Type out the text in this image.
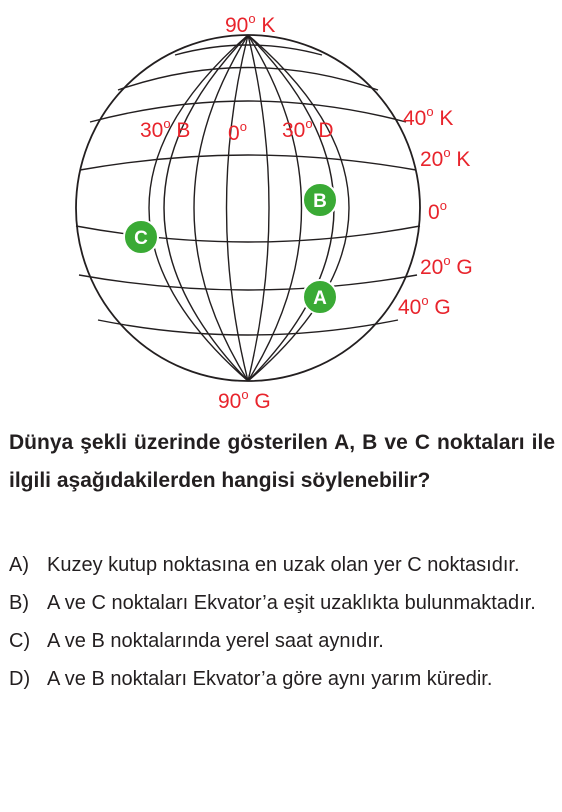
90$^o$ K
90$^o$ G
30$^o$ B 0$^o$ 30$^o$ D
40$^o$ K
20$^o$ K
0$^o$
20$^o$ G
40$^o$ G
B
C
A
Dünya şekli üzerinde gösterilen A, B ve C noktaları ile ilgili aşağıdakilerden hangisi söylenebilir?
A) Kuzey kutup noktasına en uzak olan yer C noktasıdır.
B) A ve C noktaları Ekvator’a eşit uzaklıkta bulunmaktadır.
C) A ve B noktalarında yerel saat aynıdır.
D) A ve B noktaları Ekvator’a göre aynı yarım küredir.
